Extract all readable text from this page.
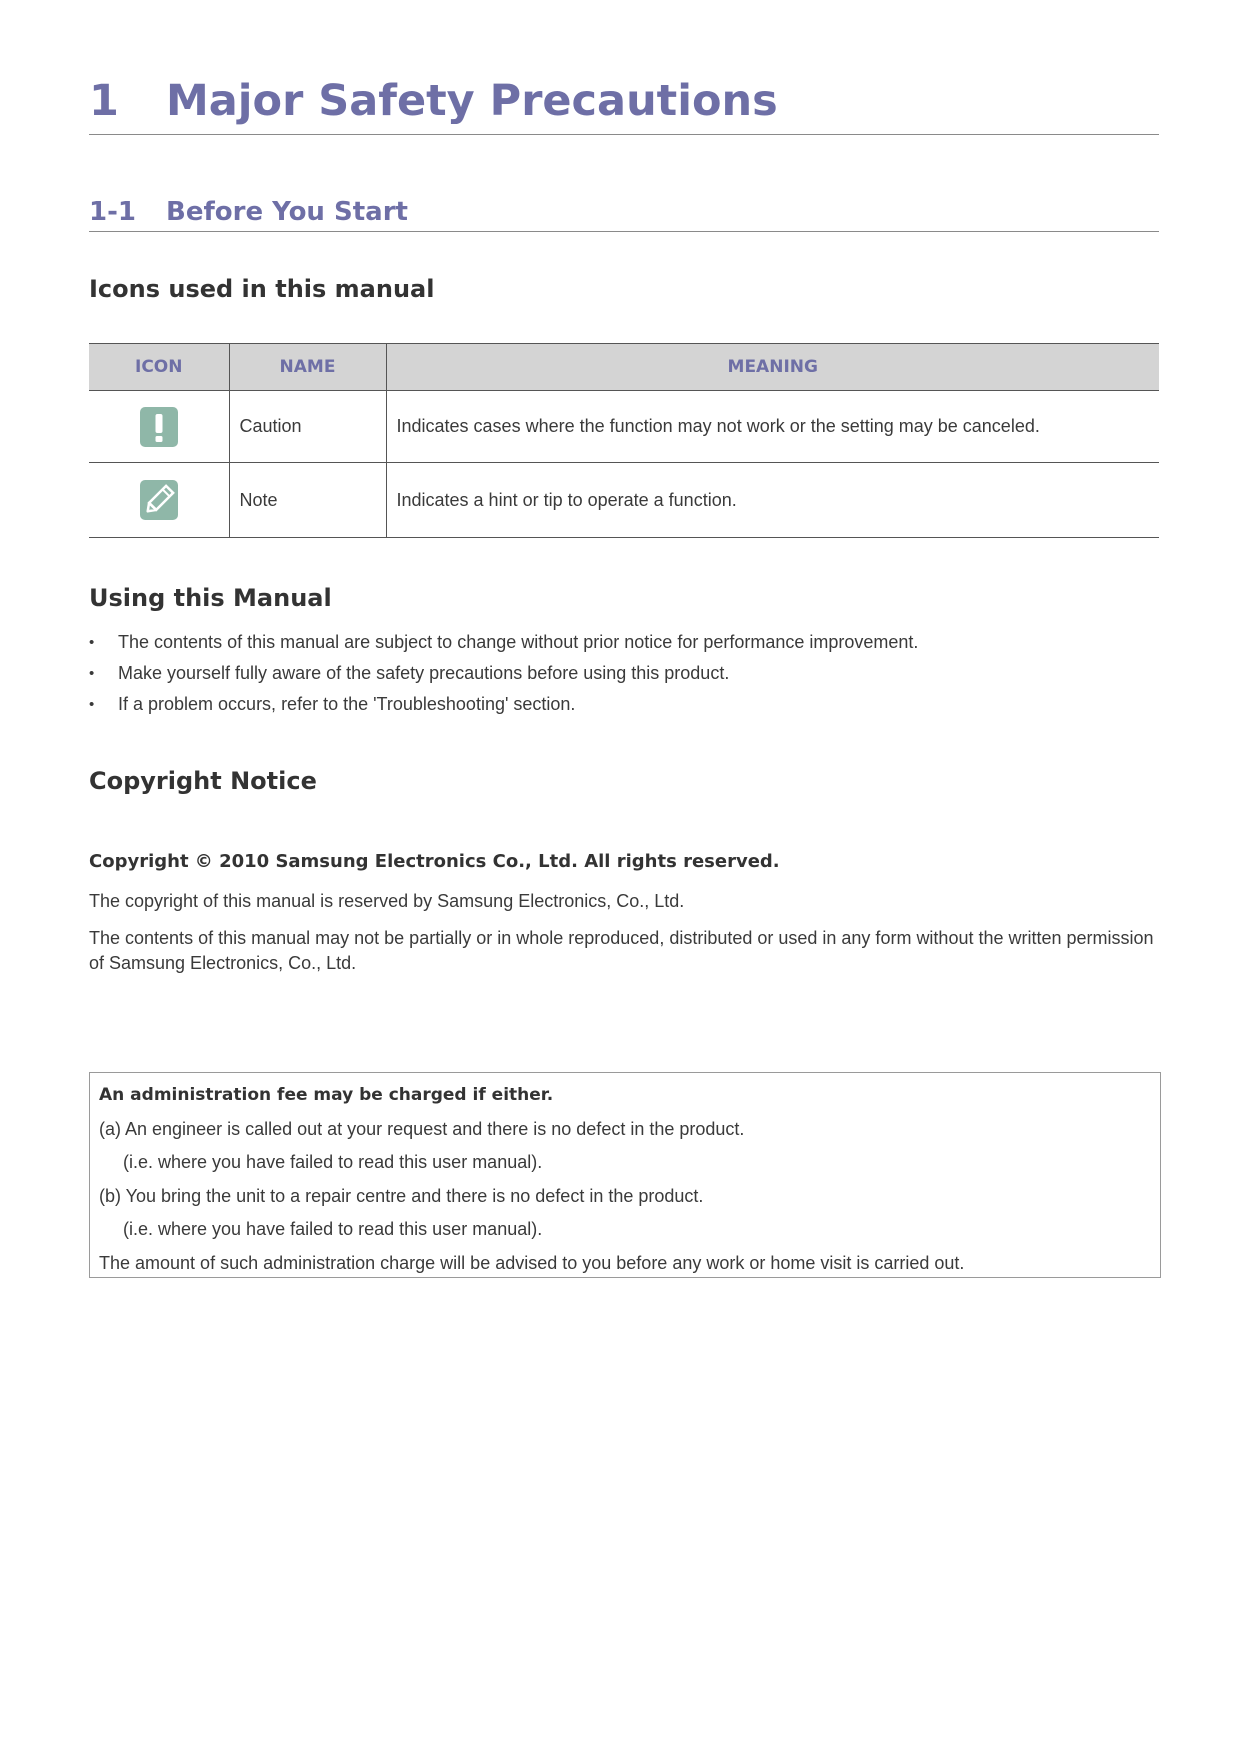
1 Major Safety Precautions
1-1 Before You Start
Icons used in this manual
ICON	NAME	MEANING

	Caution	Indicates cases where the function may not work or the setting may be canceled.

	Note	Indicates a hint or tip to operate a function.
Using this Manual
• The contents of this manual are subject to change without prior notice for performance improvement.
• Make yourself fully aware of the safety precautions before using this product.
• If a problem occurs, refer to the 'Troubleshooting' section.
Copyright Notice

Copyright © 2010 Samsung Electronics Co., Ltd. All rights reserved.

The copyright of this manual is reserved by Samsung Electronics, Co., Ltd.

The contents of this manual may not be partially or in whole reproduced, distributed or used in any form without the written permission of Samsung Electronics, Co., Ltd.

An administration fee may be charged if either.

(a) An engineer is called out at your request and there is no defect in the product.

(i.e. where you have failed to read this user manual).

(b) You bring the unit to a repair centre and there is no defect in the product.

(i.e. where you have failed to read this user manual).

The amount of such administration charge will be advised to you before any work or home visit is carried out.
